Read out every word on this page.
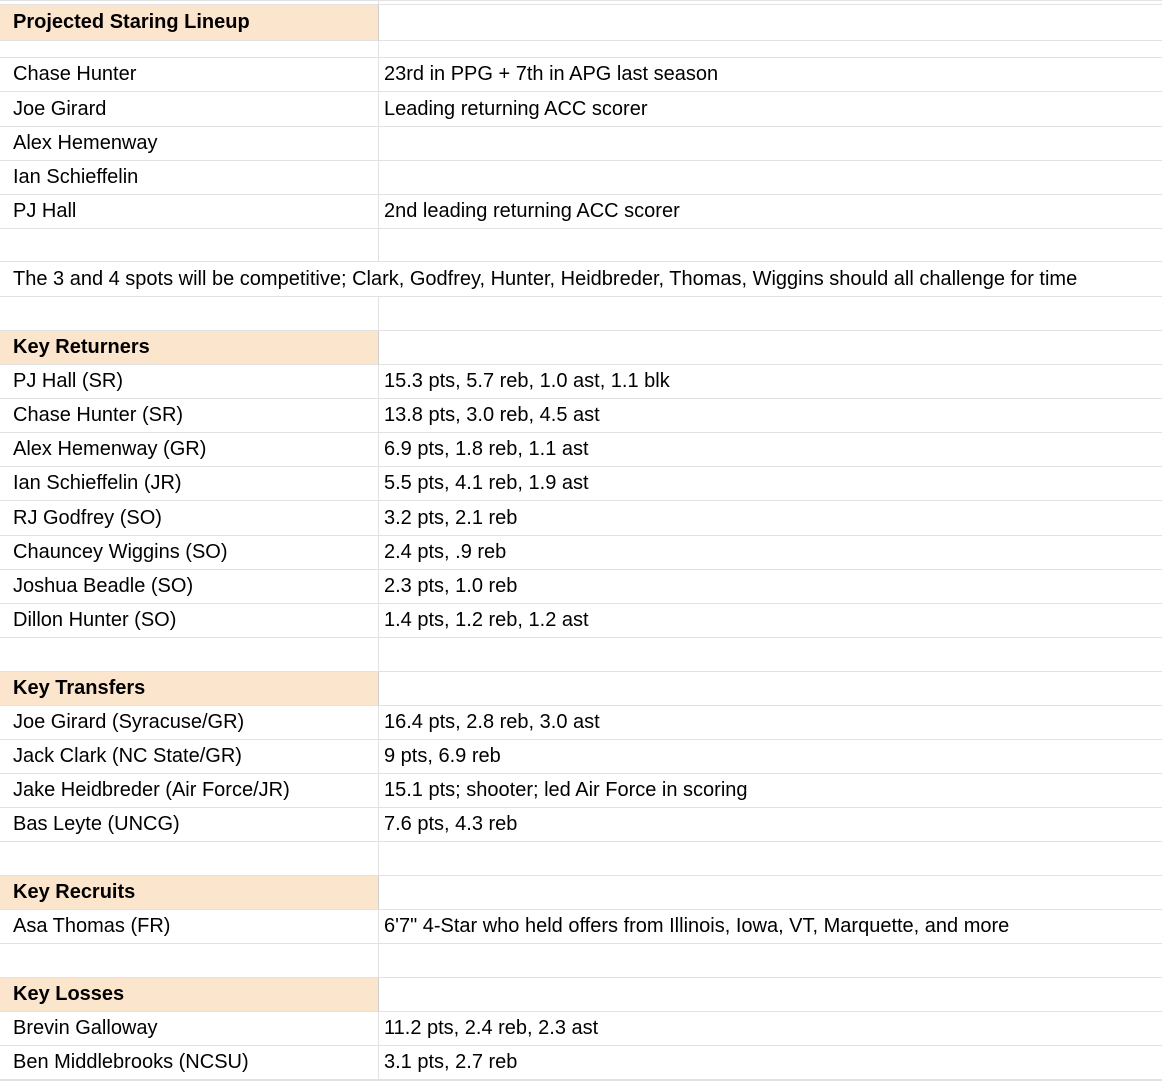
Projected Staring Lineup
Chase Hunter	23rd in PPG + 7th in APG last season
Joe Girard	Leading returning ACC scorer
Alex Hemenway
Ian Schieffelin
PJ Hall	2nd leading returning ACC scorer
The 3 and 4 spots will be competitive; Clark, Godfrey, Hunter, Heidbreder, Thomas, Wiggins should all challenge for time
Key Returners
PJ Hall (SR)	15.3 pts, 5.7 reb, 1.0 ast, 1.1 blk
Chase Hunter (SR)	13.8 pts, 3.0 reb, 4.5 ast
Alex Hemenway (GR)	6.9 pts, 1.8 reb, 1.1 ast
Ian Schieffelin (JR)	5.5 pts, 4.1 reb, 1.9 ast
RJ Godfrey (SO)	3.2 pts, 2.1 reb
Chauncey Wiggins (SO)	2.4 pts, .9 reb
Joshua Beadle (SO)	2.3 pts, 1.0 reb
Dillon Hunter (SO)	1.4 pts, 1.2 reb, 1.2 ast
Key Transfers
Joe Girard (Syracuse/GR)	16.4 pts, 2.8 reb, 3.0 ast
Jack Clark (NC State/GR)	9 pts, 6.9 reb
Jake Heidbreder (Air Force/JR)	15.1 pts; shooter; led Air Force in scoring
Bas Leyte (UNCG)	7.6 pts, 4.3 reb
Key Recruits
Asa Thomas (FR)	6'7" 4-Star who held offers from Illinois, Iowa, VT, Marquette, and more
Key Losses
Brevin Galloway	11.2 pts, 2.4 reb, 2.3 ast
Ben Middlebrooks (NCSU)	3.1 pts, 2.7 reb
